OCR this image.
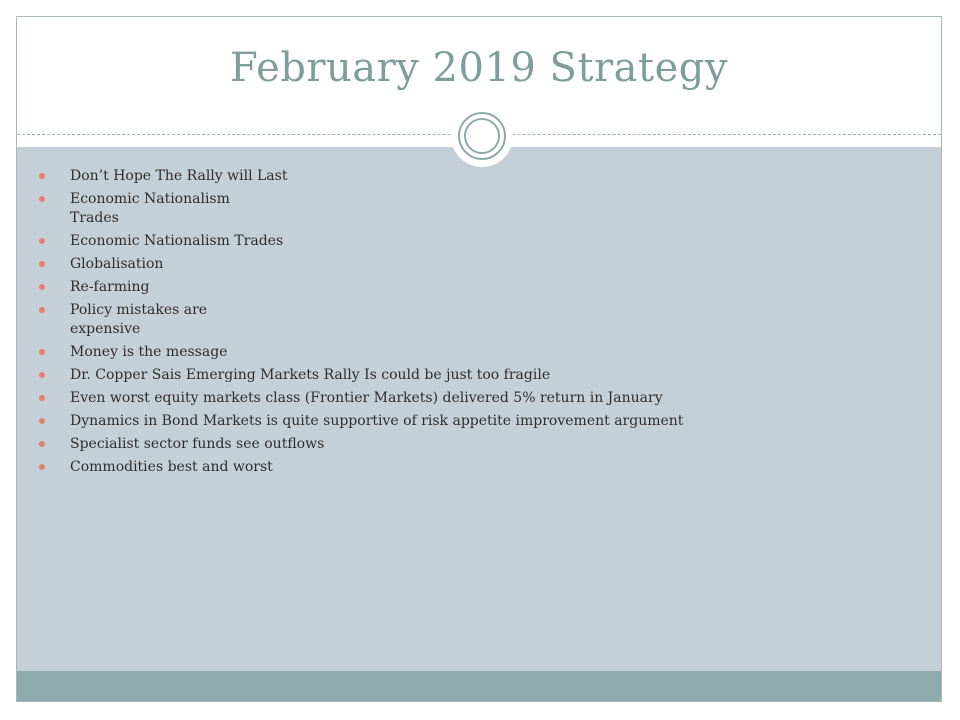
February 2019 Strategy
Don’t Hope The Rally will Last
Economic Nationalism Trades
Economic Nationalism Trades
Globalisation
Re-farming
Policy mistakes are expensive
Money is the message
Dr. Copper Sais Emerging Markets Rally Is could be just too fragile
Even worst equity markets class (Frontier Markets) delivered 5% return in January
Dynamics in Bond Markets is quite supportive of risk appetite improvement argument
Specialist sector funds see outflows
Commodities best and worst
